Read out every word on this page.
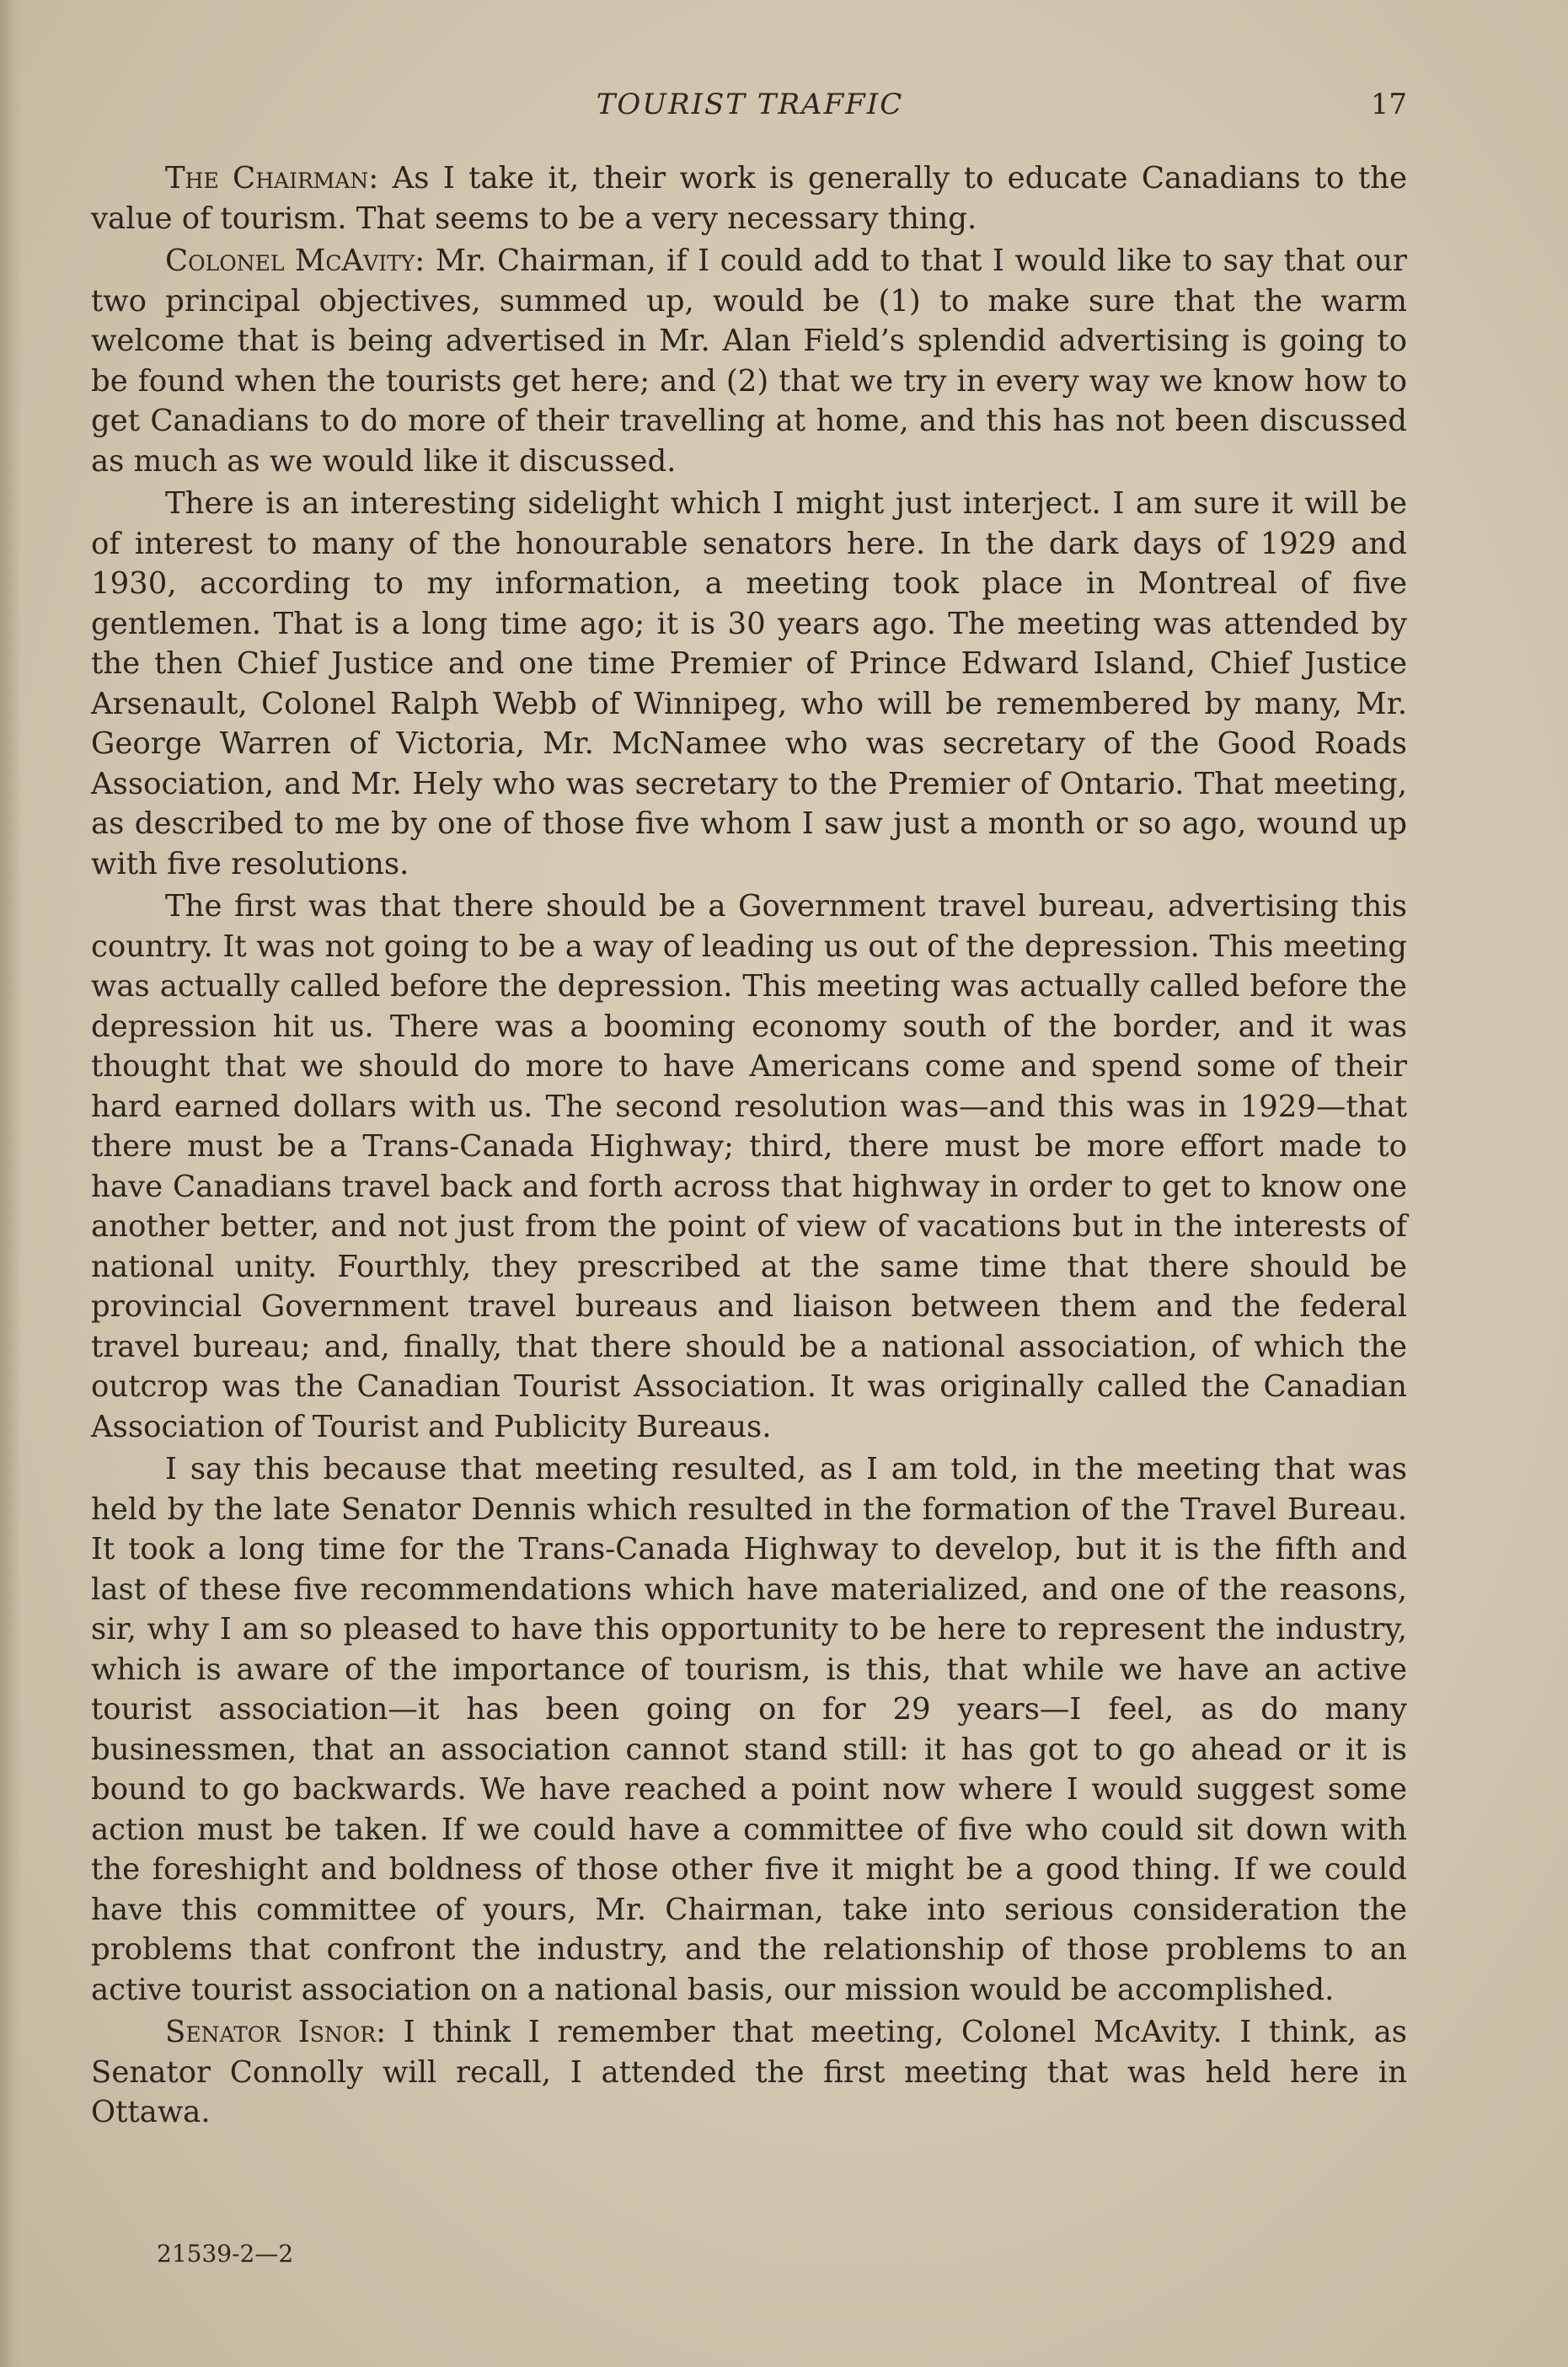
TOURIST TRAFFIC	17

The Chairman: As I take it, their work is generally to educate Canadians to the value of tourism. That seems to be a very necessary thing.

Colonel McAvity: Mr. Chairman, if I could add to that I would like to say that our two principal objectives, summed up, would be (1) to make sure that the warm welcome that is being advertised in Mr. Alan Field’s splendid advertising is going to be found when the tourists get here; and (2) that we try in every way we know how to get Canadians to do more of their travelling at home, and this has not been discussed as much as we would like it discussed.

There is an interesting sidelight which I might just interject. I am sure it will be of interest to many of the honourable senators here. In the dark days of 1929 and 1930, according to my information, a meeting took place in Montreal of five gentlemen. That is a long time ago; it is 30 years ago. The meeting was attended by the then Chief Justice and one time Premier of Prince Edward Island, Chief Justice Arsenault, Colonel Ralph Webb of Winnipeg, who will be remembered by many, Mr. George Warren of Victoria, Mr. McNamee who was secretary of the Good Roads Association, and Mr. Hely who was secretary to the Premier of Ontario. That meeting, as described to me by one of those five whom I saw just a month or so ago, wound up with five resolutions.

The first was that there should be a Government travel bureau, advertising this country. It was not going to be a way of leading us out of the depression. This meeting was actually called before the depression. This meeting was actually called before the depression hit us. There was a booming economy south of the border, and it was thought that we should do more to have Americans come and spend some of their hard earned dollars with us. The second resolution was—and this was in 1929—that there must be a Trans-Canada Highway; third, there must be more effort made to have Canadians travel back and forth across that highway in order to get to know one another better, and not just from the point of view of vacations but in the interests of national unity. Fourthly, they prescribed at the same time that there should be provincial Government travel bureaus and liaison between them and the federal travel bureau; and, finally, that there should be a national association, of which the outcrop was the Canadian Tourist Association. It was originally called the Canadian Association of Tourist and Publicity Bureaus.

I say this because that meeting resulted, as I am told, in the meeting that was held by the late Senator Dennis which resulted in the formation of the Travel Bureau. It took a long time for the Trans-Canada Highway to develop, but it is the fifth and last of these five recommendations which have materialized, and one of the reasons, sir, why I am so pleased to have this opportunity to be here to represent the industry, which is aware of the importance of tourism, is this, that while we have an active tourist association—it has been going on for 29 years—I feel, as do many businessmen, that an association cannot stand still: it has got to go ahead or it is bound to go backwards. We have reached a point now where I would suggest some action must be taken. If we could have a committee of five who could sit down with the foreshight and boldness of those other five it might be a good thing. If we could have this committee of yours, Mr. Chairman, take into serious consideration the problems that confront the industry, and the relationship of those problems to an active tourist association on a national basis, our mission would be accomplished.

Senator Isnor: I think I remember that meeting, Colonel McAvity. I think, as Senator Connolly will recall, I attended the first meeting that was held here in Ottawa.

21539-2—2
